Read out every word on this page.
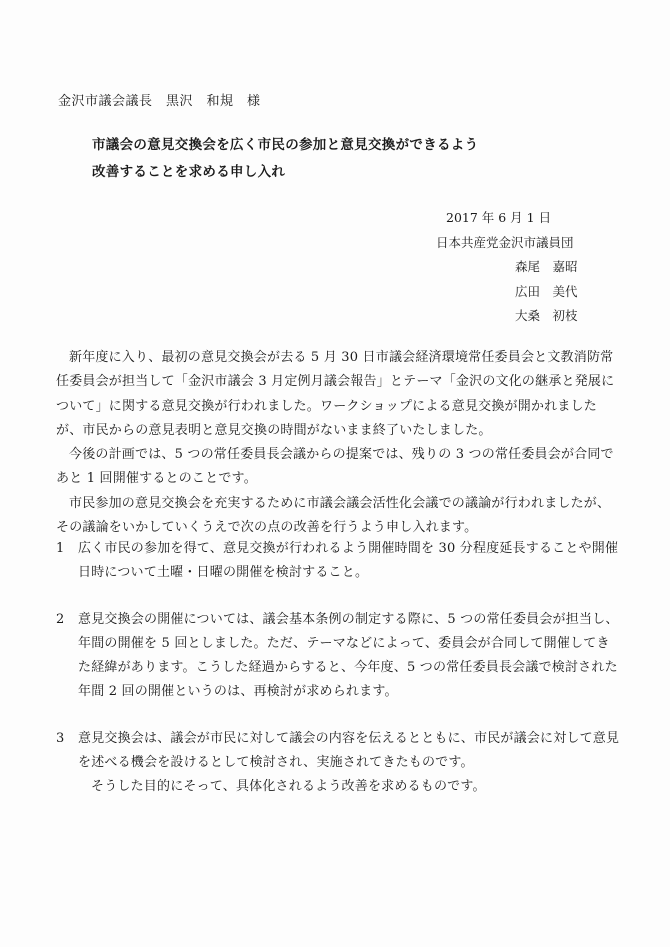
金沢市議会議長　黒沢　和規　様
市議会の意見交換会を広く市民の参加と意見交換ができるよう
改善することを求める申し入れ
2017 年 6 月 1 日
日本共産党金沢市議員団
森尾　嘉昭
広田　美代
大桑　初枝
新年度に入り、最初の意見交換会が去る 5 月 30 日市議会経済環境常任委員会と文教消防常任委員会が担当して「金沢市議会 3 月定例月議会報告」とテーマ「金沢の文化の継承と発展について」に関する意見交換が行われました。ワークショップによる意見交換が開かれましたが、市民からの意見表明と意見交換の時間がないまま終了いたしました。
今後の計画では、5 つの常任委員長会議からの提案では、残りの 3 つの常任委員会が合同であと 1 回開催するとのことです。
市民参加の意見交換会を充実するために市議会議会活性化会議での議論が行われましたが、その議論をいかしていくうえで次の点の改善を行うよう申し入れます。
1	広く市民の参加を得て、意見交換が行われるよう開催時間を 30 分程度延長することや開催日時について土曜・日曜の開催を検討すること。
2	意見交換会の開催については、議会基本条例の制定する際に、5 つの常任委員会が担当し、年間の開催を 5 回としました。ただ、テーマなどによって、委員会が合同して開催してきた経緯があります。こうした経過からすると、今年度、5 つの常任委員長会議で検討された年間 2 回の開催というのは、再検討が求められます。
3	意見交換会は、議会が市民に対して議会の内容を伝えるとともに、市民が議会に対して意見を述べる機会を設けるとして検討され、実施されてきたものです。
そうした目的にそって、具体化されるよう改善を求めるものです。
